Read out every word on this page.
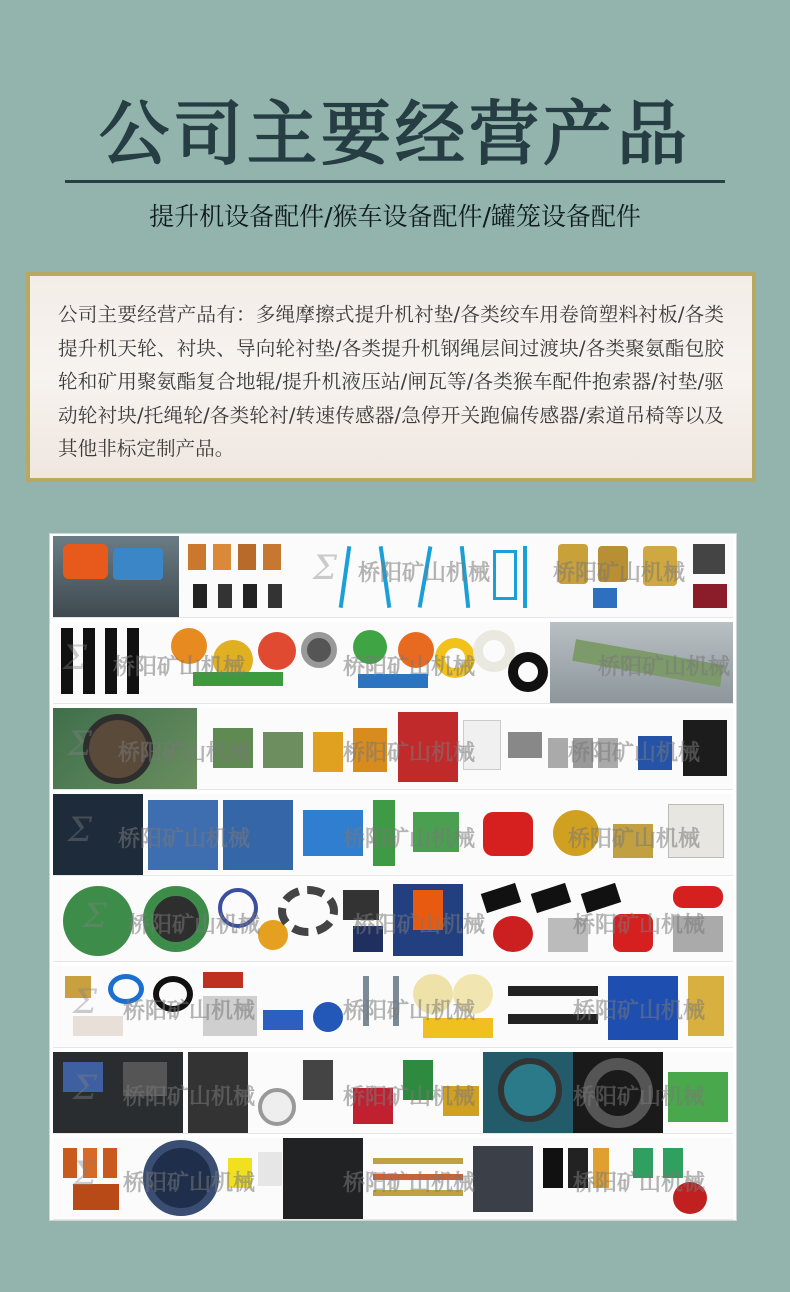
公司主要经营产品
提升机设备配件/猴车设备配件/罐笼设备配件

公司主要经营产品有：多绳摩擦式提升机衬垫/各类绞车用卷筒塑料衬板/各类提升机天轮、衬块、导向轮衬垫/各类提升机钢绳层间过渡块/各类聚氨酯包胶轮和矿用聚氨酯复合地辊/提升机液压站/闸瓦等/各类猴车配件抱索器/衬垫/驱动轮衬块/托绳轮/各类轮衬/转速传感器/急停开关跑偏传感器/索道吊椅等以及其他非标定制产品。

Ʃ 桥阳矿山机械	桥阳矿山机械
Ʃ 桥阳矿山机械	桥阳矿山机械	桥阳矿山机械
Ʃ 桥阳矿山机械	桥阳矿山机械	桥阳矿山机械
Ʃ 桥阳矿山机械	桥阳矿山机械	桥阳矿山机械
Ʃ 桥阳矿山机械	桥阳矿山机械	桥阳矿山机械
Ʃ 桥阳矿山机械	桥阳矿山机械	桥阳矿山机械
Ʃ 桥阳矿山机械	桥阳矿山机械	桥阳矿山机械
Ʃ 桥阳矿山机械	桥阳矿山机械	桥阳矿山机械
